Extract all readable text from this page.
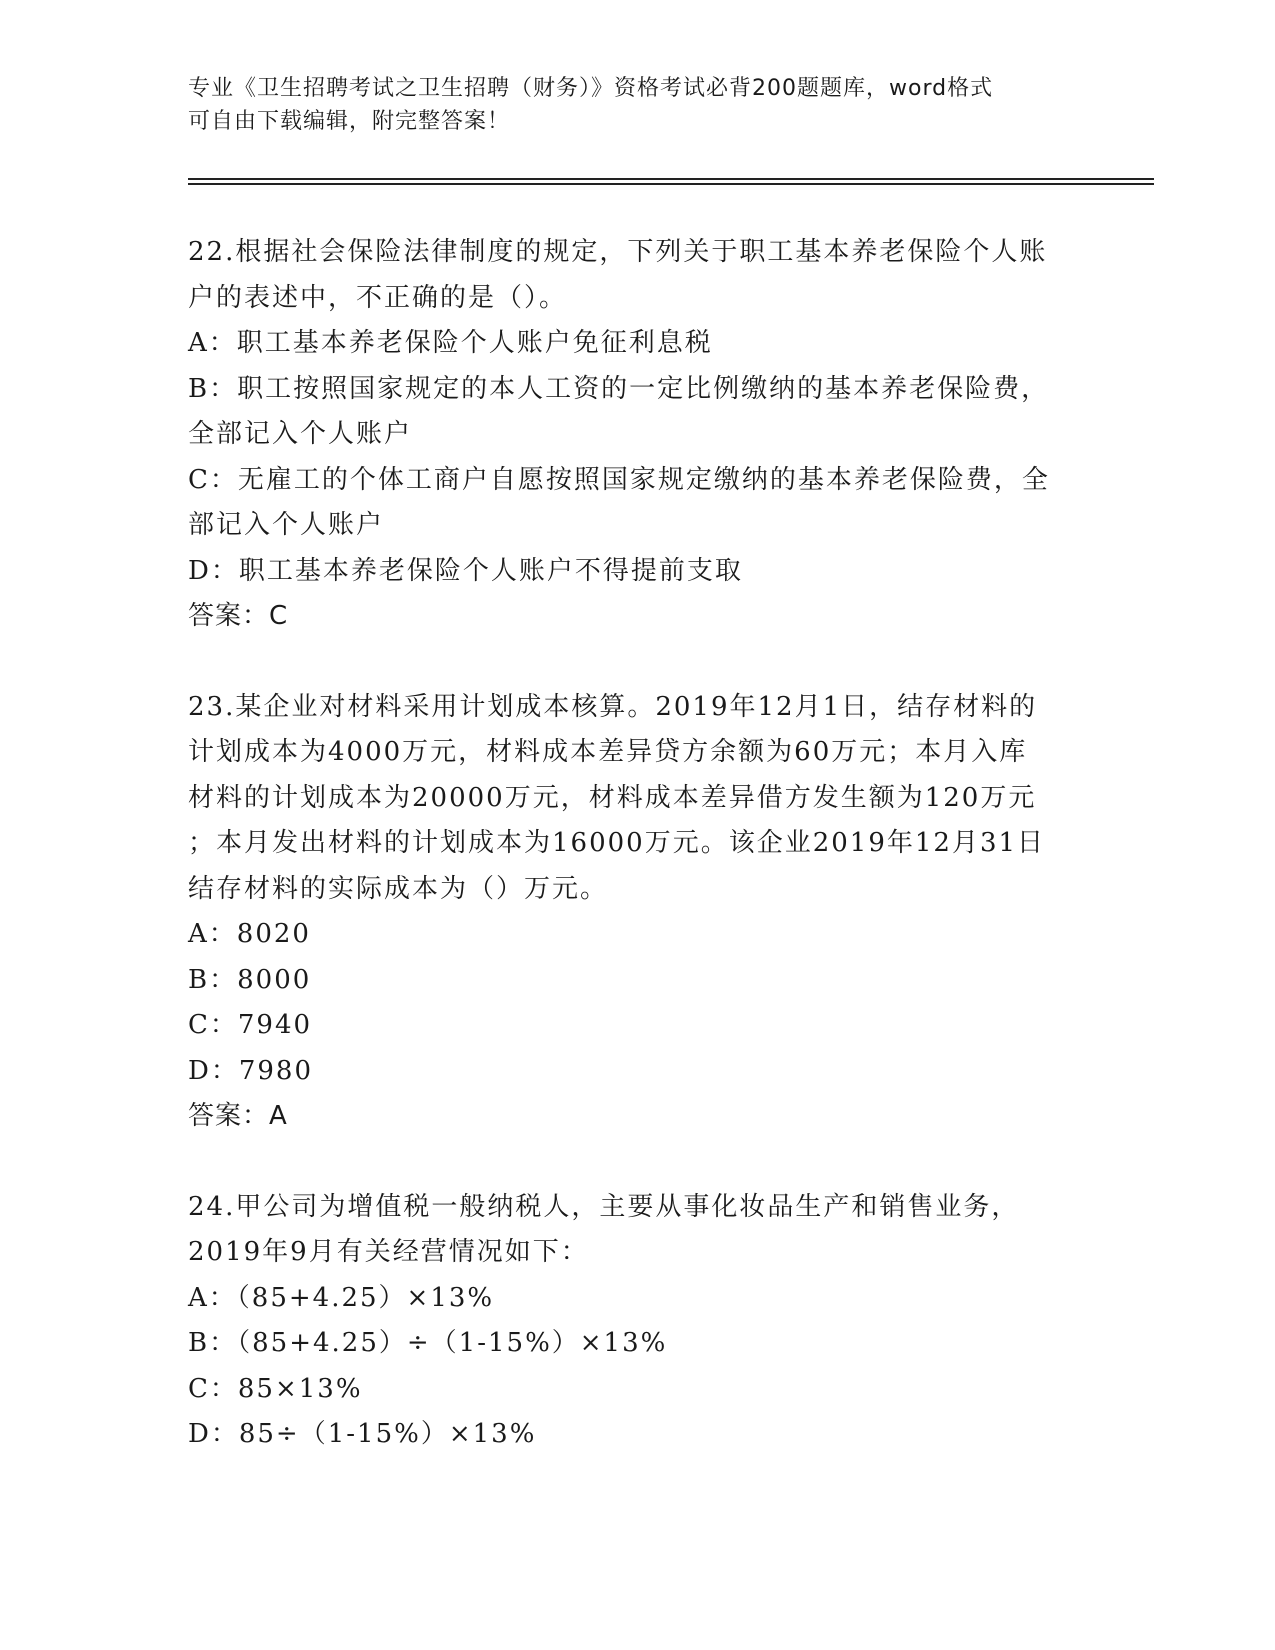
专业《卫生招聘考试之卫生招聘（财务）》资格考试必背200题题库，word格式
可自由下载编辑，附完整答案！
22.根据社会保险法律制度的规定，下列关于职工基本养老保险个人账
户的表述中，不正确的是（）。
A：职工基本养老保险个人账户免征利息税
B：职工按照国家规定的本人工资的一定比例缴纳的基本养老保险费，
全部记入个人账户
C：无雇工的个体工商户自愿按照国家规定缴纳的基本养老保险费，全
部记入个人账户
D：职工基本养老保险个人账户不得提前支取
答案：C
23.某企业对材料采用计划成本核算。2019年12月1日，结存材料的
计划成本为4000万元，材料成本差异贷方余额为60万元；本月入库
材料的计划成本为20000万元，材料成本差异借方发生额为120万元
；本月发出材料的计划成本为16000万元。该企业2019年12月31日
结存材料的实际成本为（）万元。
A：8020
B：8000
C：7940
D：7980
答案：A
24.甲公司为增值税一般纳税人，主要从事化妆品生产和销售业务，
2019年9月有关经营情况如下：
A：（85+4.25）×13%
B：（85+4.25）÷（1-15%）×13%
C：85×13%
D：85÷（1-15%）×13%
